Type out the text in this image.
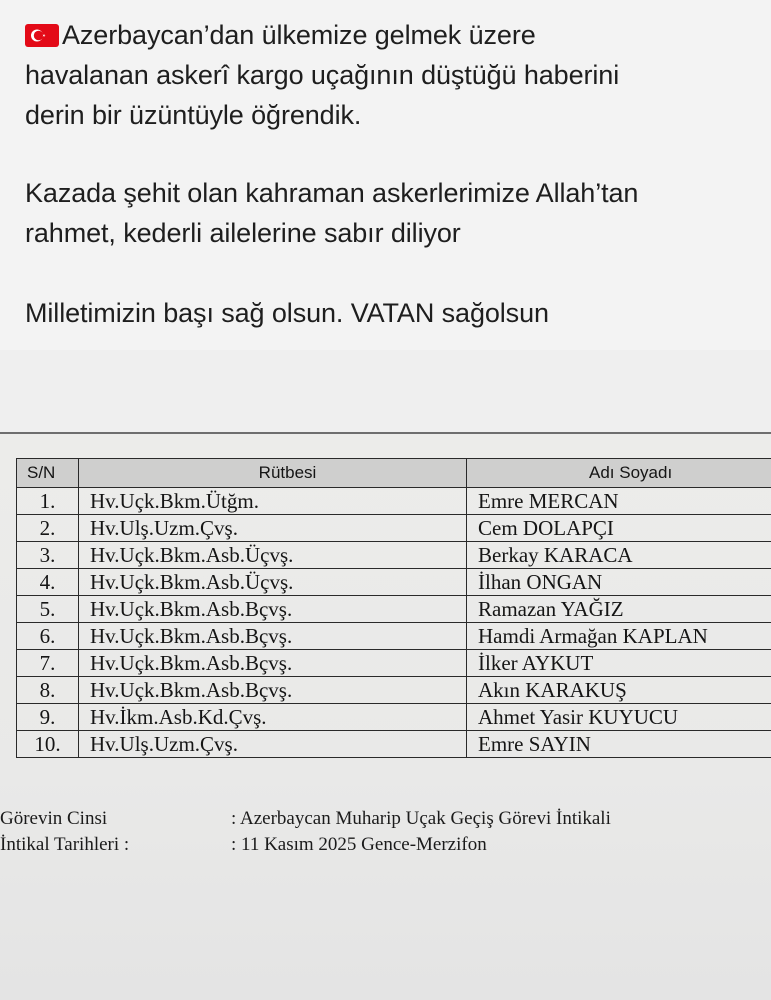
Azerbaycan’dan ülkemize gelmek üzere
havalanan askerî kargo uçağının düştüğü haberini
derin bir üzüntüyle öğrendik.
Kazada şehit olan kahraman askerlerimize Allah’tan
rahmet, kederli ailelerine sabır diliyor
Milletimizin başı sağ olsun. VATAN sağolsun
S/N	Rütbesi	Adı Soyadı
1.	Hv.Uçk.Bkm.Ütğm.	Emre MERCAN
2.	Hv.Ulş.Uzm.Çvş.	Cem DOLAPÇI
3.	Hv.Uçk.Bkm.Asb.Üçvş.	Berkay KARACA
4.	Hv.Uçk.Bkm.Asb.Üçvş.	İlhan ONGAN
5.	Hv.Uçk.Bkm.Asb.Bçvş.	Ramazan YAĞIZ
6.	Hv.Uçk.Bkm.Asb.Bçvş.	Hamdi Armağan KAPLAN
7.	Hv.Uçk.Bkm.Asb.Bçvş.	İlker AYKUT
8.	Hv.Uçk.Bkm.Asb.Bçvş.	Akın KARAKUŞ
9.	Hv.İkm.Asb.Kd.Çvş.	Ahmet Yasir KUYUCU
10.	Hv.Ulş.Uzm.Çvş.	Emre SAYIN
Görevin Cinsi	: Azerbaycan Muharip Uçak Geçiş Görevi İntikali
İntikal Tarihleri :	: 11 Kasım 2025 Gence-Merzifon
